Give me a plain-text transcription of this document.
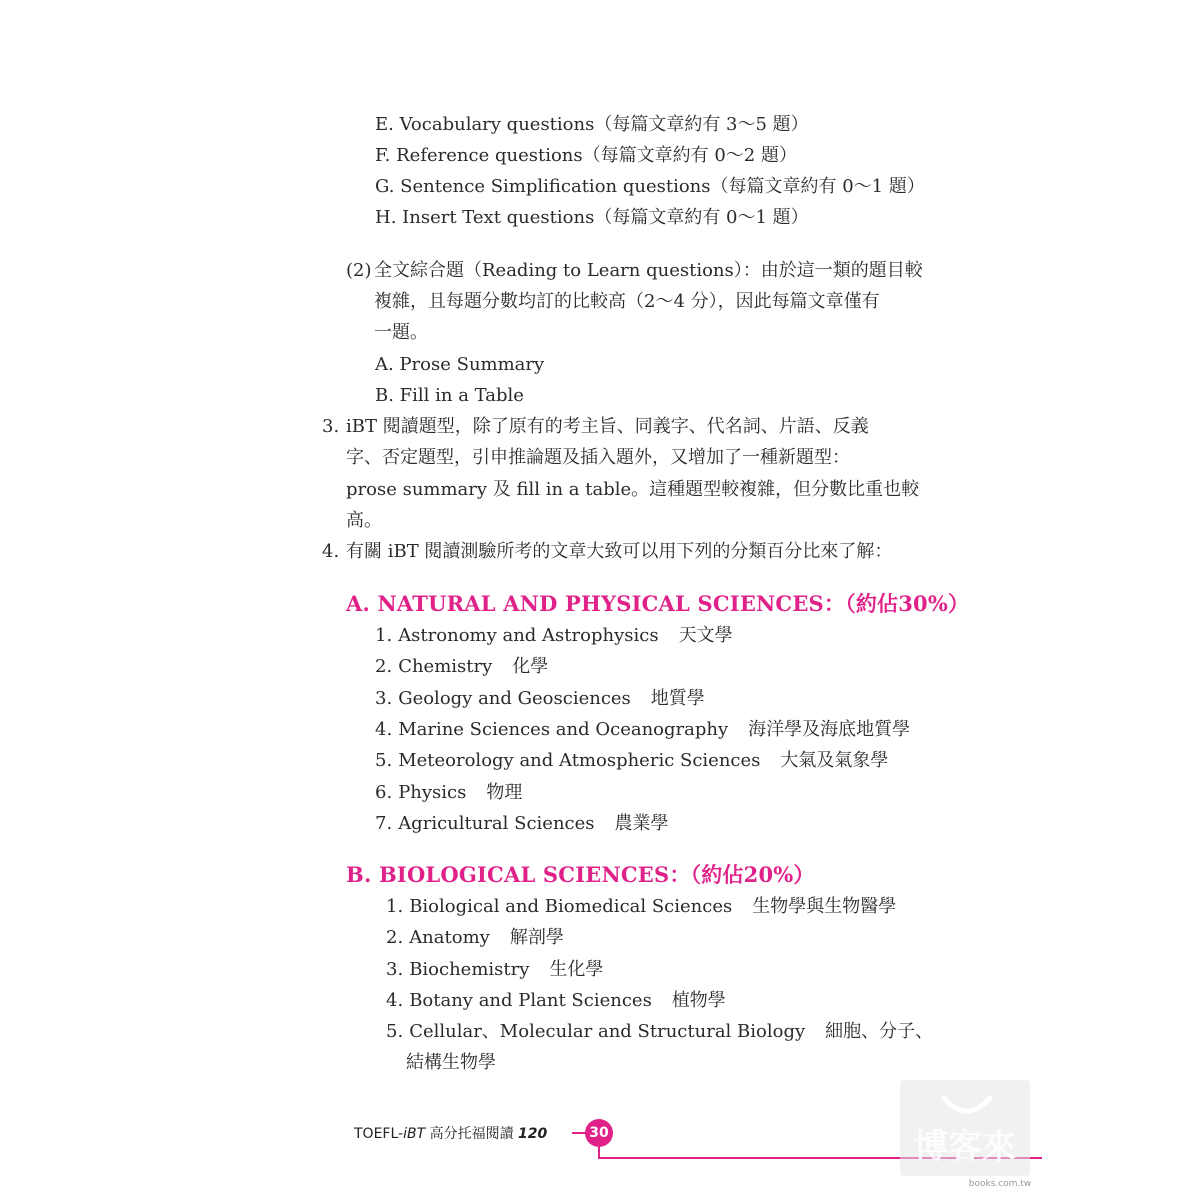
E. Vocabulary questions（每篇文章約有 3～5 題）
F. Reference questions（每篇文章約有 0～2 題）
G. Sentence Simplification questions（每篇文章約有 0～1 題）
H. Insert Text questions（每篇文章約有 0～1 題）
(2) 全文綜合題（Reading to Learn questions）：由於這一類的題目較
複雜，且每題分數均訂的比較高（2～4 分），因此每篇文章僅有
一題。
A. Prose Summary
B. Fill in a Table
3. iBT 閱讀題型，除了原有的考主旨、同義字、代名詞、片語、反義
字、否定題型，引申推論題及插入題外，又增加了一種新題型：
prose summary 及 fill in a table。這種題型較複雜，但分數比重也較
高。
4. 有關 iBT 閱讀測驗所考的文章大致可以用下列的分類百分比來了解：
A. NATURAL AND PHYSICAL SCIENCES：（約佔30%）
1. Astronomy and Astrophysics 天文學
2. Chemistry 化學
3. Geology and Geosciences 地質學
4. Marine Sciences and Oceanography 海洋學及海底地質學
5. Meteorology and Atmospheric Sciences 大氣及氣象學
6. Physics 物理
7. Agricultural Sciences 農業學
B. BIOLOGICAL SCIENCES：（約佔20%）
1. Biological and Biomedical Sciences 生物學與生物醫學
2. Anatomy 解剖學
3. Biochemistry 生化學
4. Botany and Plant Sciences 植物學
5. Cellular、Molecular and Structural Biology 細胞、分子、
結構生物學
TOEFL-iBT 高分托福閱讀 120	30	博客來
books.com.tw
